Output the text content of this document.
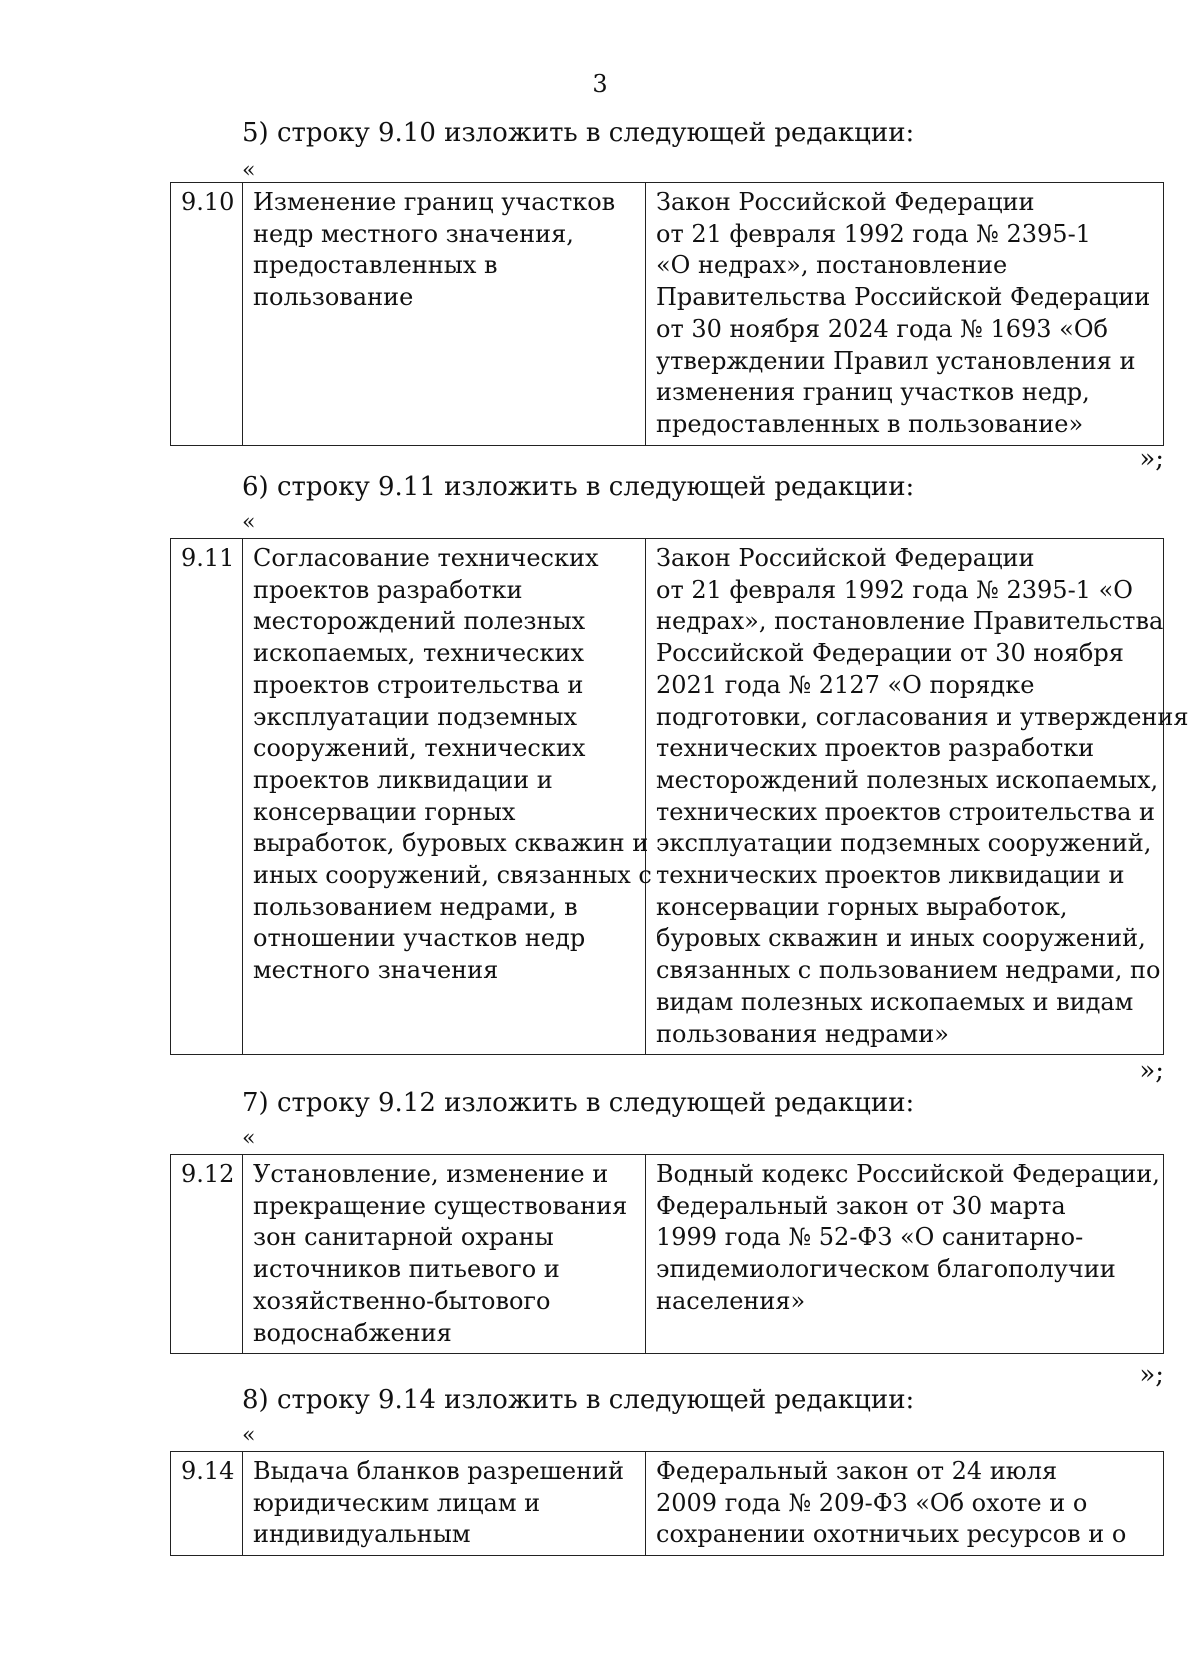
3
5) строку 9.10 изложить в следующей редакции:
«
9.10	Изменение границ участков
недр местного значения,
предоставленных в
пользование

Закон Российской Федерации
от 21 февраля 1992 года № 2395-1
«О недрах», постановление
Правительства Российской Федерации
от 30 ноября 2024 года № 1693 «Об
утверждении Правил установления и
изменения границ участков недр,
предоставленных в пользование»
»;
6) строку 9.11 изложить в следующей редакции:
«
9.11	Согласование технических
проектов разработки
месторождений полезных
ископаемых, технических
проектов строительства и
эксплуатации подземных
сооружений, технических
проектов ликвидации и
консервации горных
выработок, буровых скважин и
иных сооружений, связанных с
пользованием недрами, в
отношении участков недр
местного значения

Закон Российской Федерации
от 21 февраля 1992 года № 2395-1 «О
недрах», постановление Правительства
Российской Федерации от 30 ноября
2021 года № 2127 «О порядке
подготовки, согласования и утверждения
технических проектов разработки
месторождений полезных ископаемых,
технических проектов строительства и
эксплуатации подземных сооружений,
технических проектов ликвидации и
консервации горных выработок,
буровых скважин и иных сооружений,
связанных с пользованием недрами, по
видам полезных ископаемых и видам
пользования недрами»
»;
7) строку 9.12 изложить в следующей редакции:
«
9.12	Установление, изменение и
прекращение существования
зон санитарной охраны
источников питьевого и
хозяйственно-бытового
водоснабжения

Водный кодекс Российской Федерации,
Федеральный закон от 30 марта
1999 года № 52-ФЗ «О санитарно-
эпидемиологическом благополучии
населения»
»;
8) строку 9.14 изложить в следующей редакции:
«
9.14	Выдача бланков разрешений
юридическим лицам и
индивидуальным

Федеральный закон от 24 июля
2009 года № 209-ФЗ «Об охоте и о
сохранении охотничьих ресурсов и о
